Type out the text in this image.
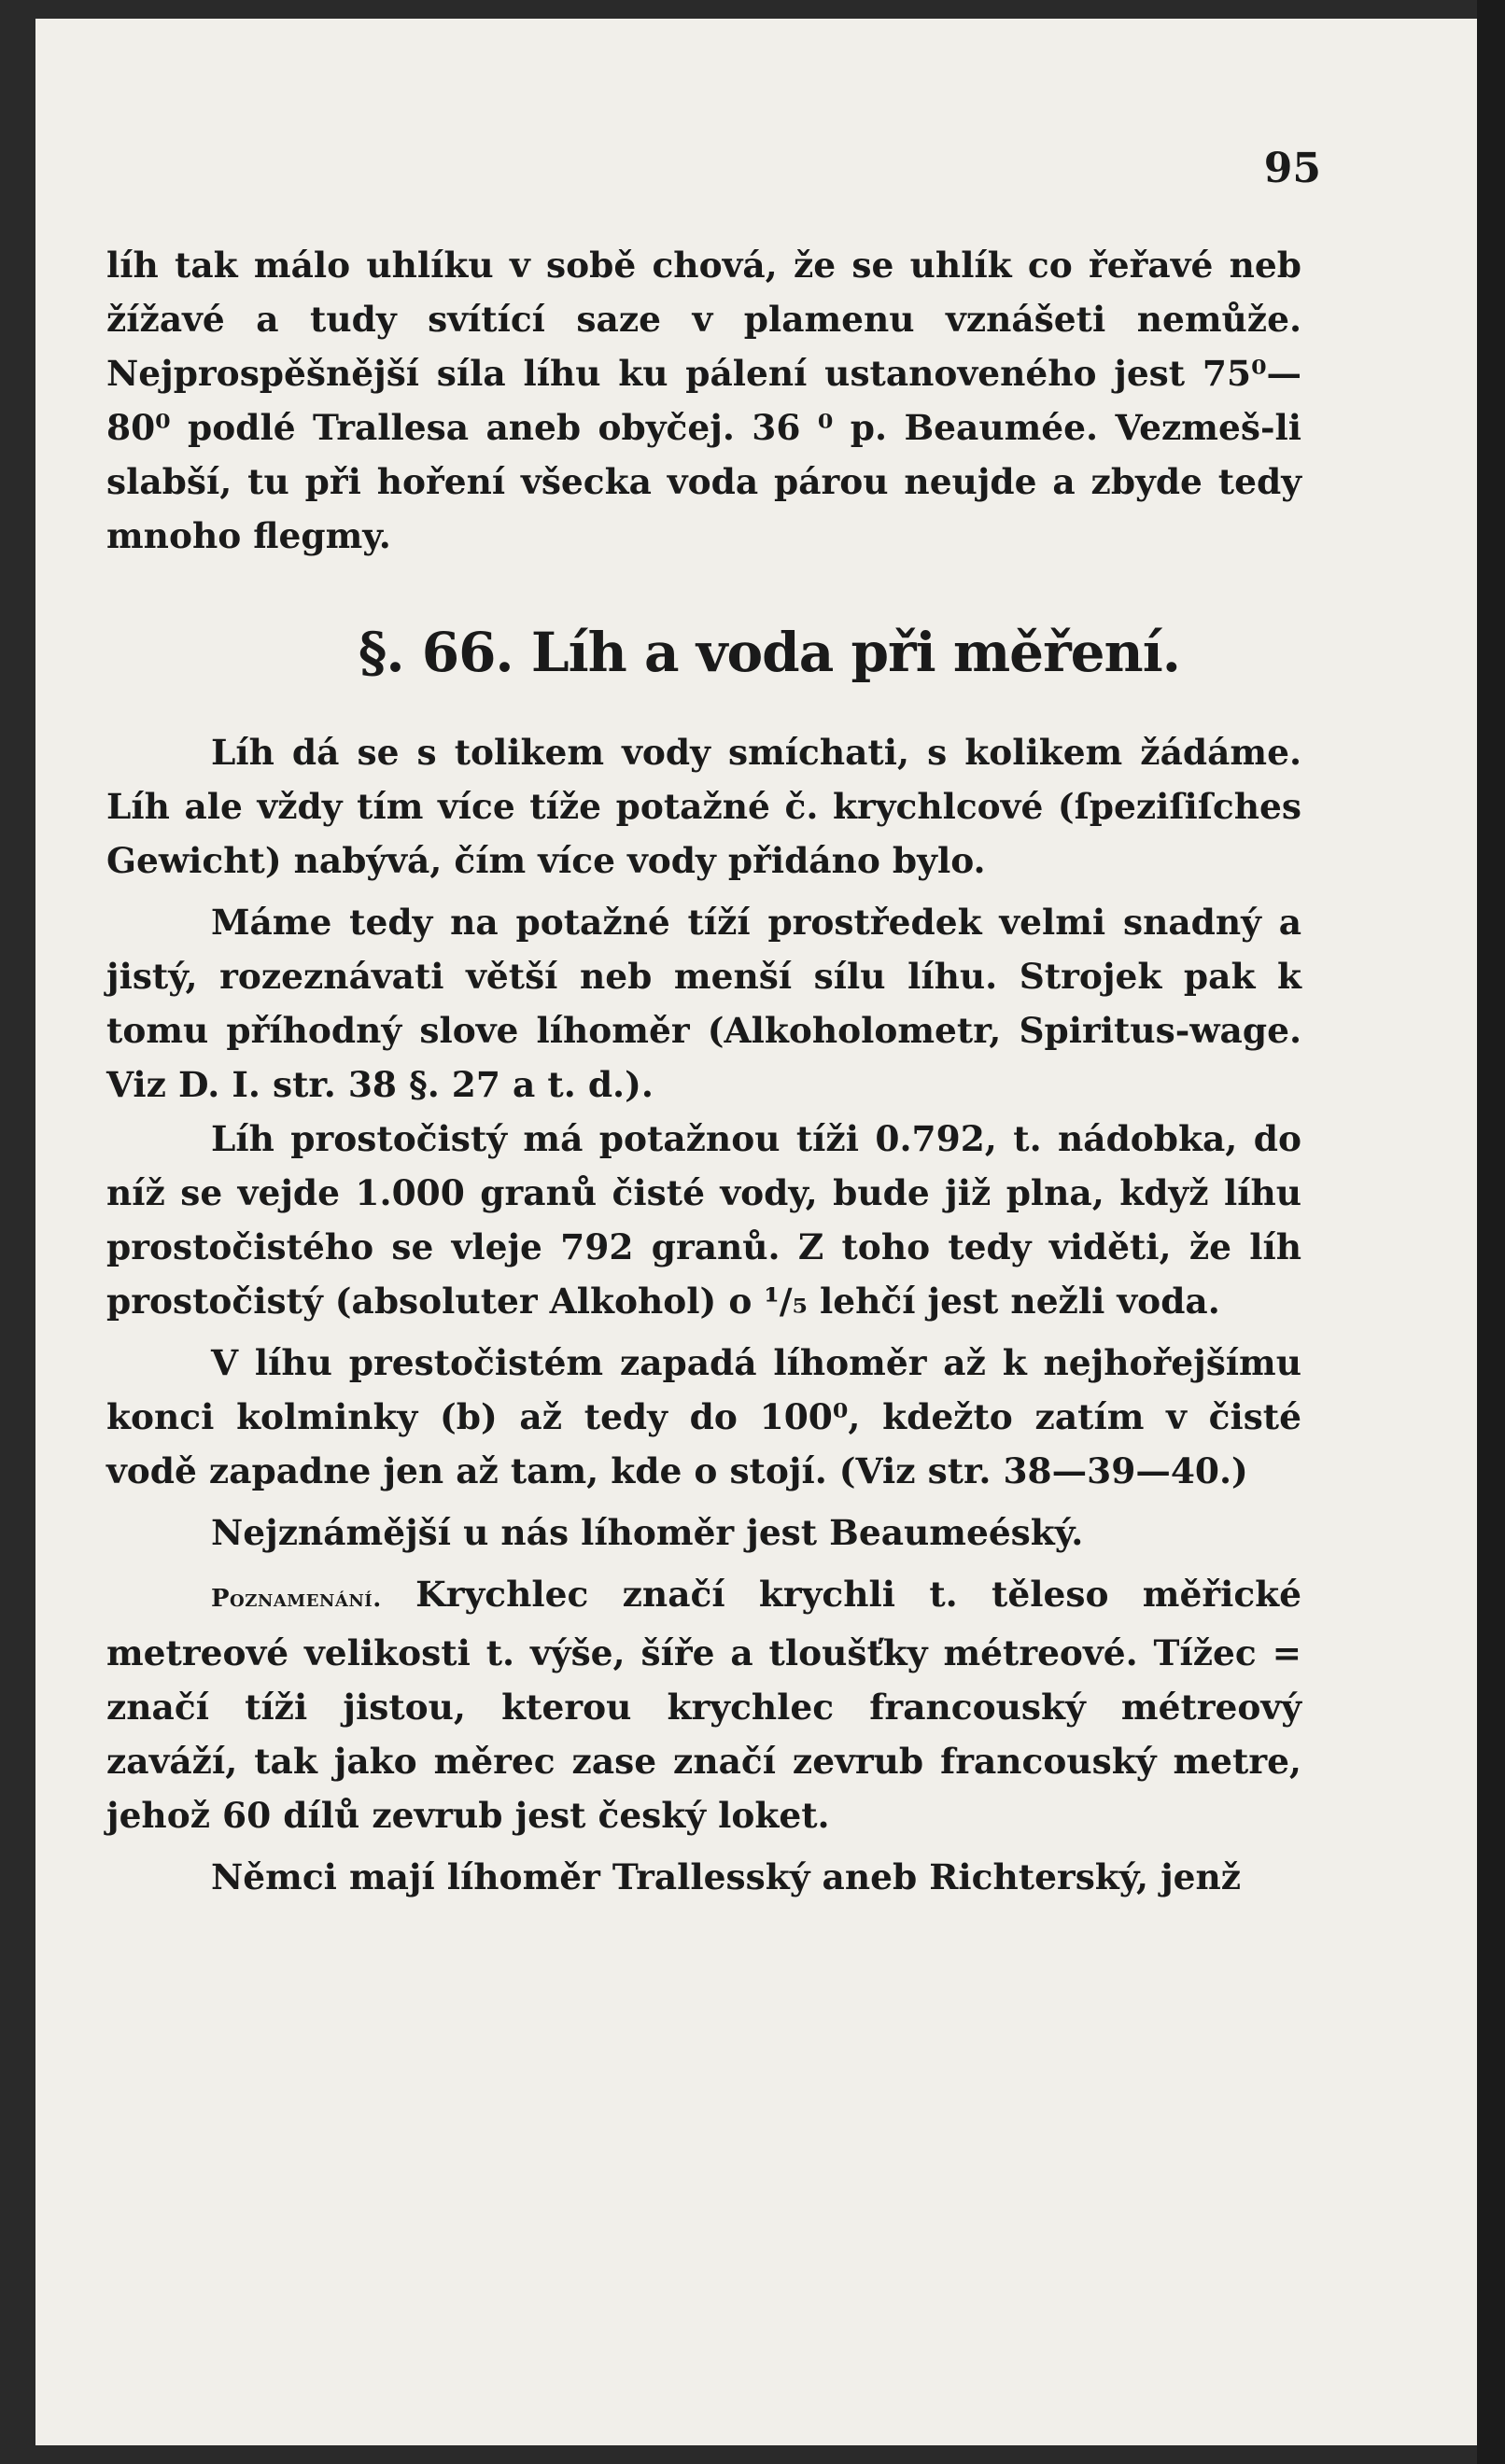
95

líh tak málo uhlíku v sobě chová, že se uhlík co řeřavé neb žížavé a tudy svítící saze v plamenu vznášeti nemůže. Nejprospěšnější síla líhu ku pálení ustanoveného jest 75⁰—80⁰ podlé Trallesa aneb obyčej. 36 ⁰ p. Beaumée. Vezmeš-li slabší, tu při hoření všecka voda párou neujde a zbyde tedy mnoho flegmy.

§. 66. Líh a voda při měření.

Líh dá se s tolikem vody smíchati, s kolikem žádáme. Líh ale vždy tím více tíže potažné č. krychlcové (ſpeziſiſches Gewicht) nabývá, čím více vody přidáno bylo.

Máme tedy na potažné tíží prostředek velmi snadný a jistý, rozeznávati větší neb menší sílu líhu. Strojek pak k tomu příhodný slove líhoměr (Alkoholometr, Spiritus-wage. Viz D. I. str. 38 §. 27 a t. d.).

Líh prostočistý má potažnou tíži 0.792, t. nádobka, do níž se vejde 1.000 granů čisté vody, bude již plna, když líhu prostočistého se vleje 792 granů. Z toho tedy viděti, že líh prostočistý (absoluter Alkohol) o ¹/₅ lehčí jest nežli voda.

V líhu prestočistém zapadá líhoměr až k nejhořejšímu konci kolminky (b) až tedy do 100⁰, kdežto zatím v čisté vodě zapadne jen až tam, kde o stojí. (Viz str. 38—39—40.)

Nejznámější u nás líhoměr jest Beaumeéský.

Poznamenání. Krychlec značí krychli t. těleso měřické metreové velikosti t. výše, šíře a tloušťky métreové. Tížec = značí tíži jistou, kterou krychlec francouský métreový zaváží, tak jako měrec zase značí zevrub francouský metre, jehož 60 dílů zevrub jest český loket.

Němci mají líhoměr Trallesský aneb Richterský, jenž
